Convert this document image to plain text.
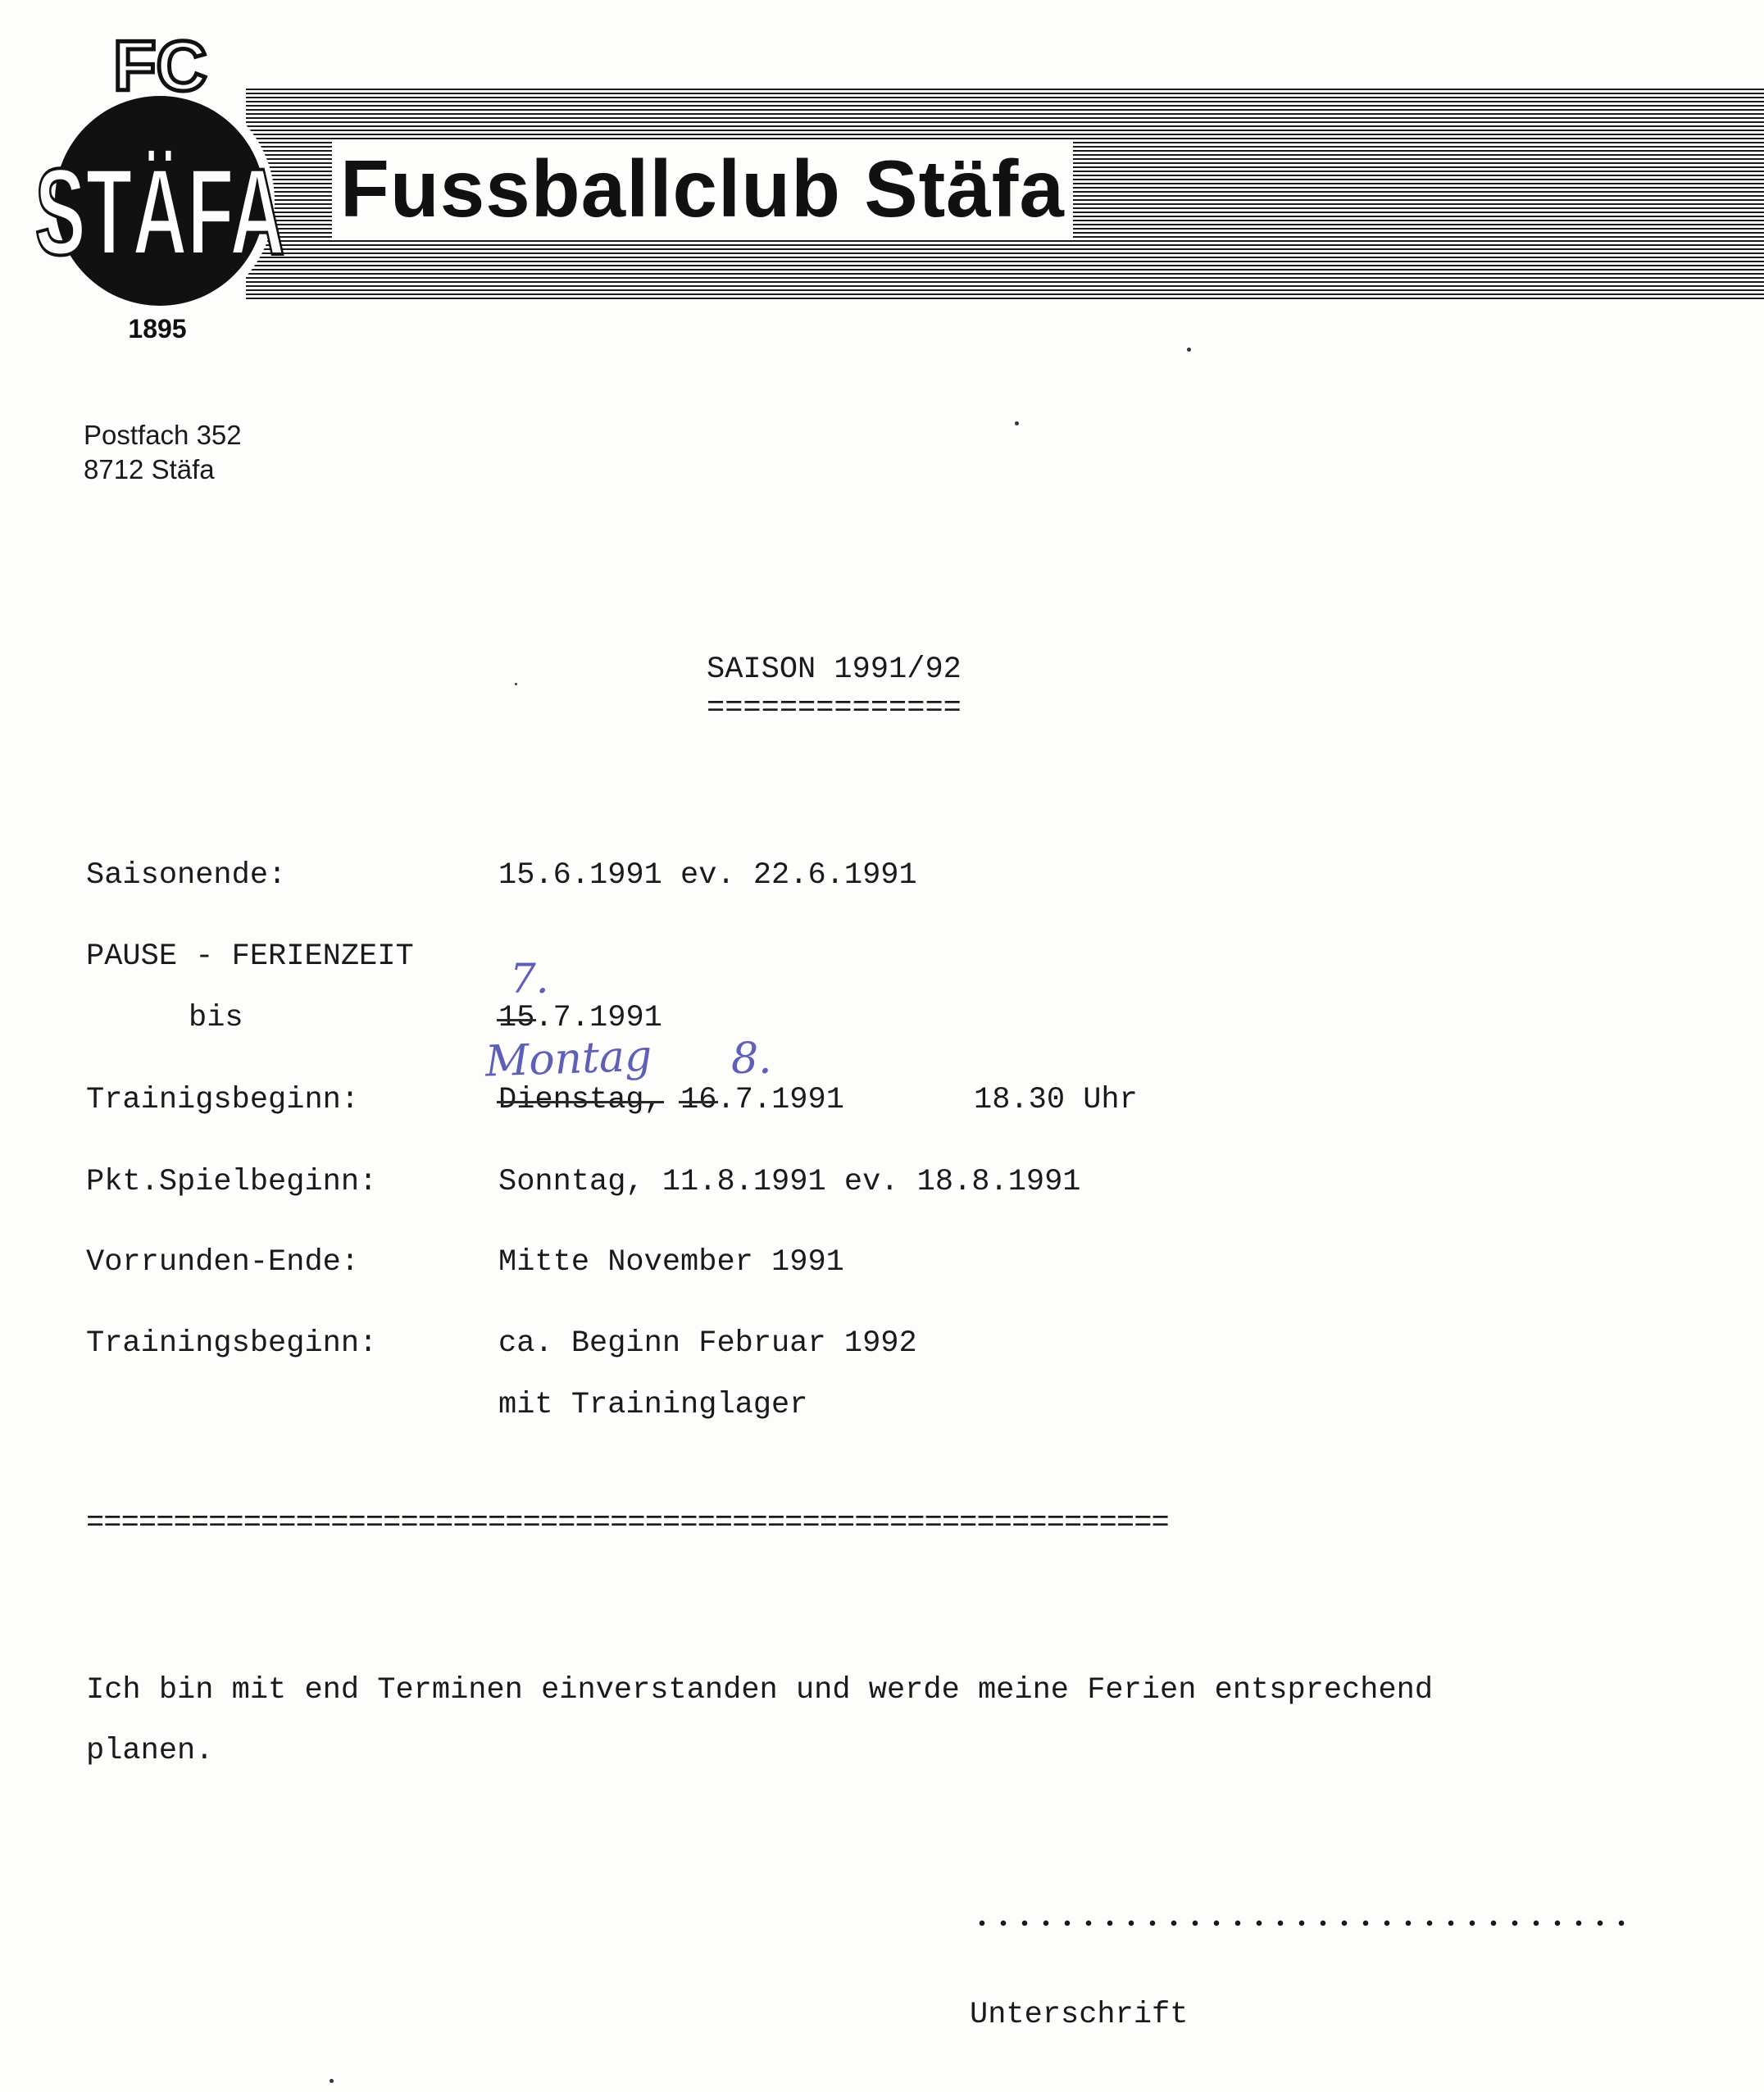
Fussballclub Stäfa
FC
STÄFA
1895
Postfach 352
8712 Stäfa
SAISON 1991/92
==============
Saisonende:	15.6.1991 ev. 22.6.1991
PAUSE - FERIENZEIT
bis
7.
15.7.1991
Montag 8.
Trainigsbeginn:	Dienstag, 16.7.1991	18.30 Uhr
Pkt.Spielbeginn:	Sonntag, 11.8.1991 ev. 18.8.1991
Vorrunden-Ende:	Mitte November 1991
Trainingsbeginn:	ca. Beginn Februar 1992
mit Traininglager
==============================================================
Ich bin mit end Terminen einverstanden und werde meine Ferien entsprechend
planen.
Unterschrift
